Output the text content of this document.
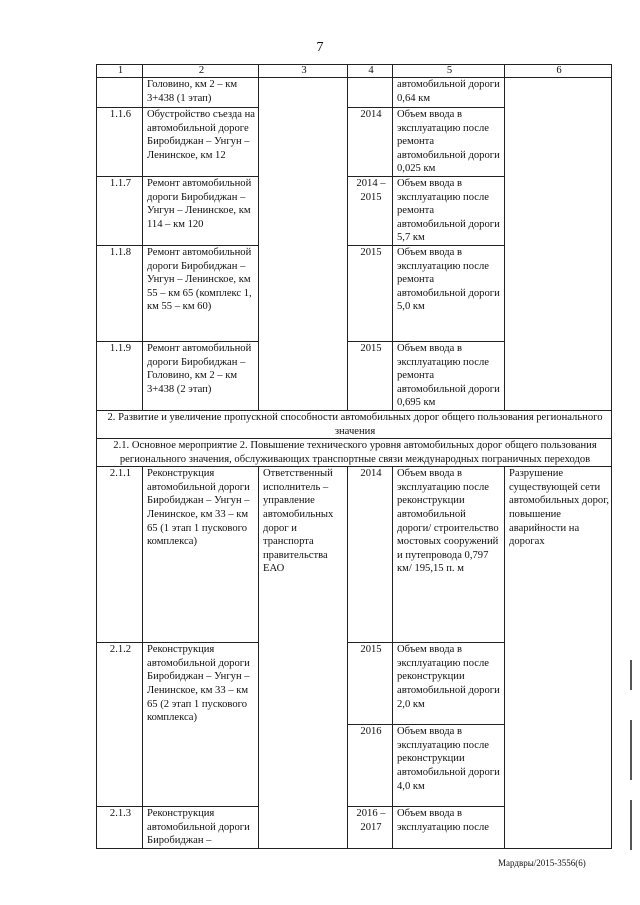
7
1	2	3	4	5	6
	Головино, км 2 – км 3+438 (1 этап)			автомобильной дороги 0,64 км	
1.1.6	Обустройство съезда на автомобильной дороге Биробиджан – Унгун – Ленинское, км 12		2014	Объем ввода в эксплуатацию после ремонта автомобильной дороги 0,025 км	
1.1.7	Ремонт автомобильной дороги Биробиджан – Унгун – Ленинское, км 114 – км 120		2014 – 2015	Объем ввода в эксплуатацию после ремонта автомобильной дороги 5,7 км	
1.1.8	Ремонт автомобильной дороги Биробиджан – Унгун – Ленинское, км 55 – км 65 (комплекс 1, км 55 – км 60)		2015	Объем ввода в эксплуатацию после ремонта автомобильной дороги 5,0 км	
1.1.9	Ремонт автомобильной дороги Биробиджан – Головино, км 2 – км 3+438 (2 этап)		2015	Объем ввода в эксплуатацию после ремонта автомобильной дороги 0,695 км	
2. Развитие и увеличение пропускной способности автомобильных дорог общего пользования регионального значения					
2.1. Основное мероприятие 2. Повышение технического уровня автомобильных дорог общего пользования регионального значения, обслуживающих транспортные связи международных пограничных переходов					
2.1.1	Реконструкция автомобильной дороги Биробиджан – Унгун – Ленинское, км 33 – км 65 (1 этап 1 пускового комплекса)	Ответственный исполнитель – управление автомобильных дорог и транспорта правительства ЕАО	2014	Объем ввода в эксплуатацию после реконструкции автомобильной дороги/ строительство мостовых сооружений и путепровода 0,797 км/ 195,15 п. м	Разрушение существующей сети автомобильных дорог, повышение аварийности на дорогах
2.1.2	Реконструкция автомобильной дороги Биробиджан – Унгун – Ленинское, км 33 – км 65 (2 этап 1 пускового комплекса)		2015	Объем ввода в эксплуатацию после реконструкции автомобильной дороги 2,0 км	
			2016	Объем ввода в эксплуатацию после реконструкции автомобильной дороги 4,0 км	
2.1.3	Реконструкция автомобильной дороги Биробиджан –		2016 – 2017	Объем ввода в эксплуатацию после	
Мардвры/2015-3556(6)
